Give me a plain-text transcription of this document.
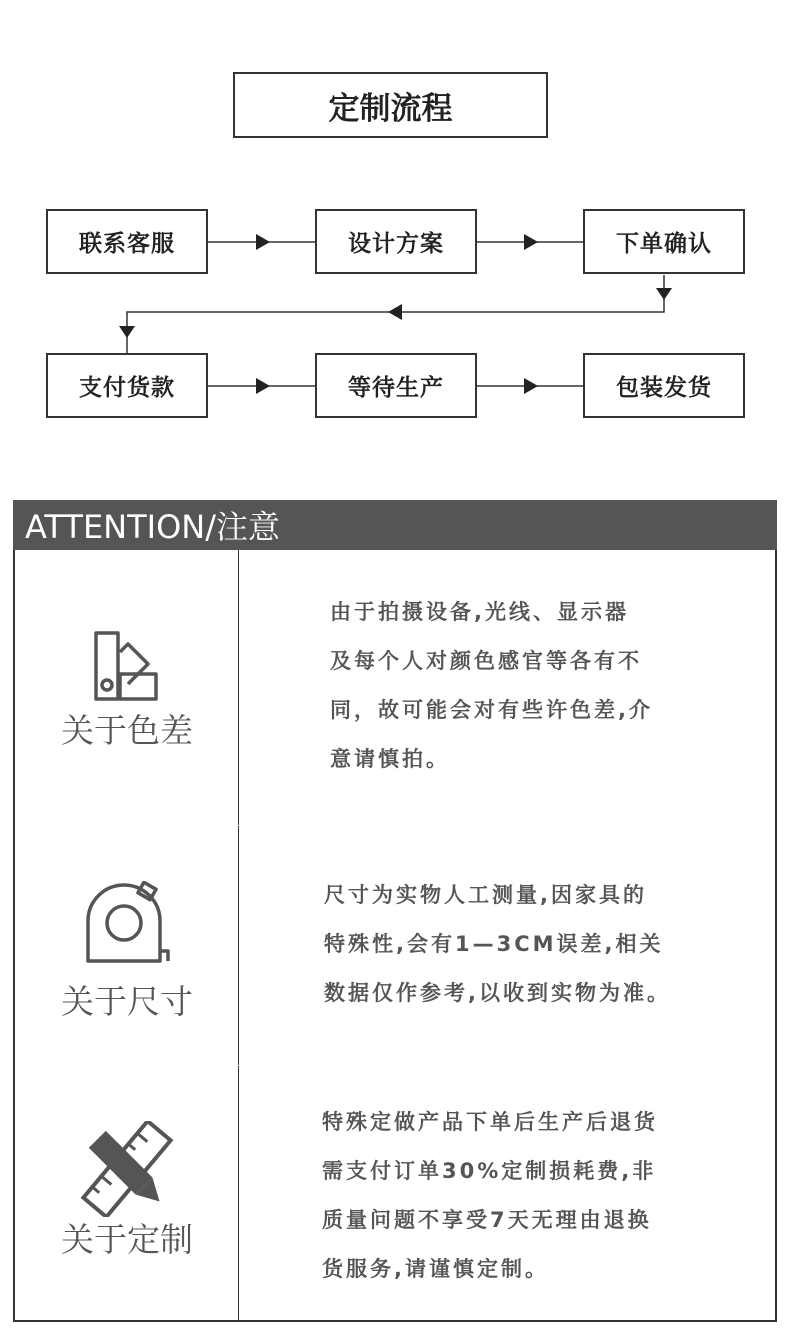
定制流程
联系客服	设计方案	下单确认
支付货款	等待生产	包装发货
ATTENTION/注意
关于色差
由于拍摄设备,光线、显示器
及每个人对颜色感官等各有不
同，故可能会对有些许色差,介
意请慎拍。
关于尺寸
尺寸为实物人工测量,因家具的
特殊性,会有1—3CM误差,相关
数据仅作参考,以收到实物为准。
关于定制
特殊定做产品下单后生产后退货
需支付订单30%定制损耗费,非
质量问题不享受7天无理由退换
货服务,请谨慎定制。
